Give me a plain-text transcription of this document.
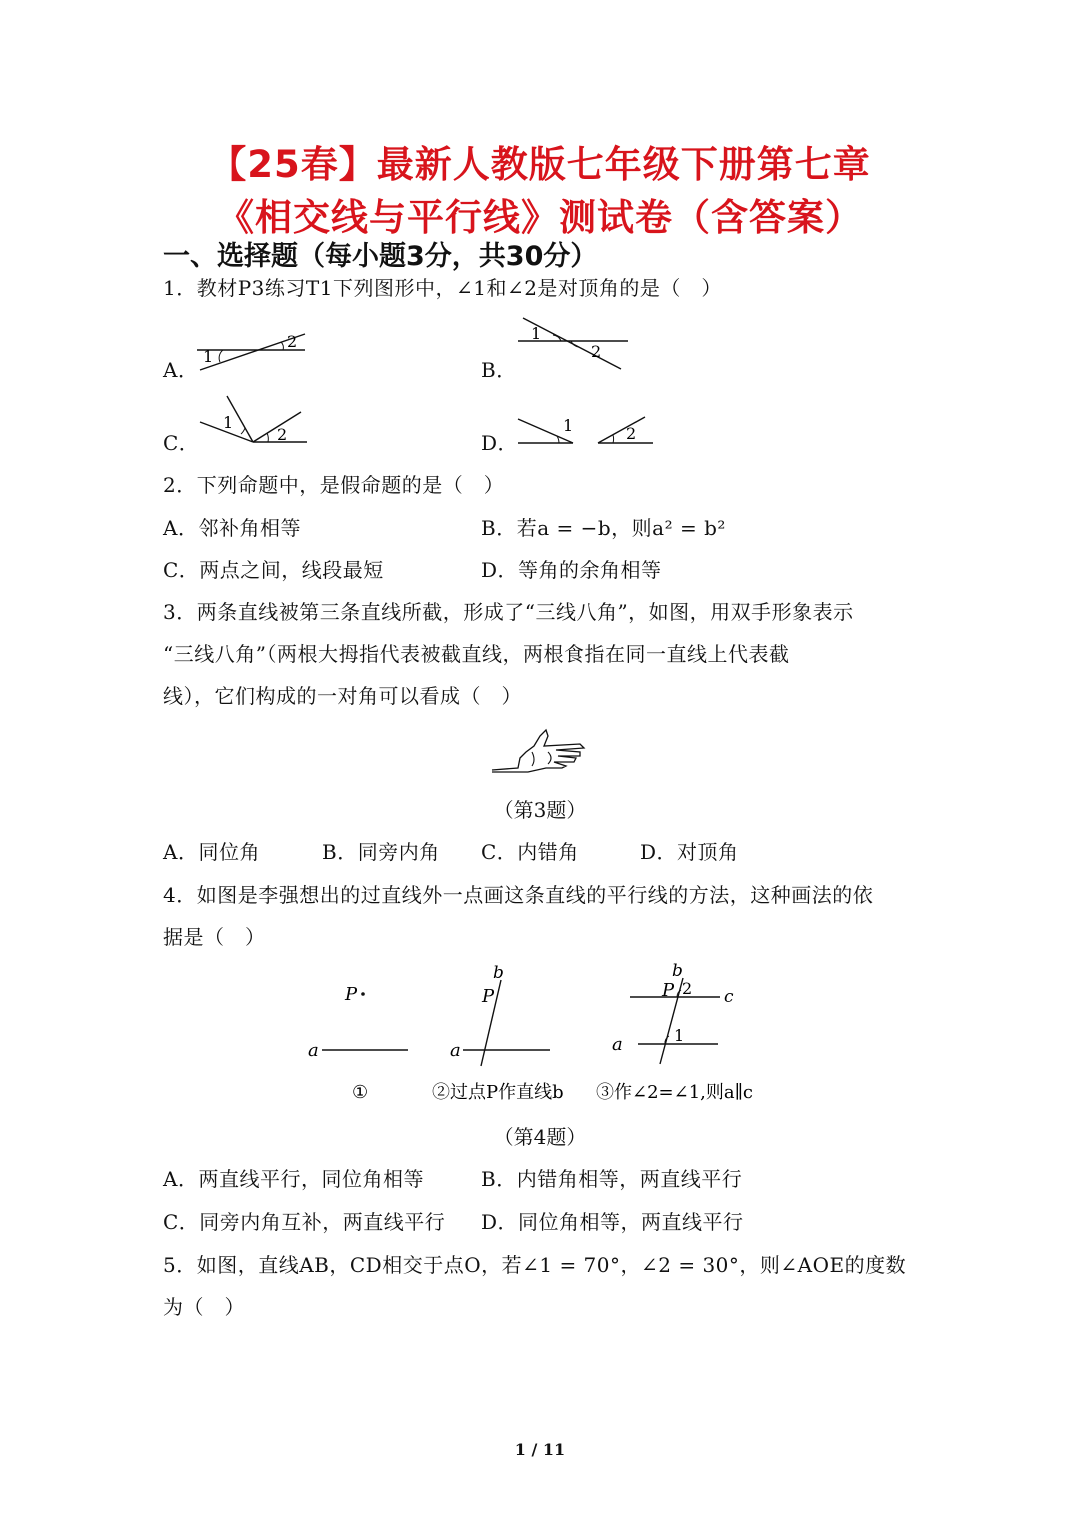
【25春】最新人教版七年级下册第七章
《相交线与平行线》测试卷（含答案）
一、选择题（每小题3分，共30分）
1．教材P3练习T1下列图形中，∠1和∠2是对顶角的是（　）
A．
1
2
B．
1
2
C．
1
2	D．
1	2
2．下列命题中，是假命题的是（　）
A．邻补角相等	B．若a = −b，则a² = b²
C．两点之间，线段最短	D．等角的余角相等
3．两条直线被第三条直线所截，形成了“三线八角”，如图，用双手形象表示
“三线八角”（两根大拇指代表被截直线，两根食指在同一直线上代表截
线），它们构成的一对角可以看成（　）
（第3题）
A．同位角	B．同旁内角 C．内错角	D．对顶角
4．如图是李强想出的过直线外一点画这条直线的平行线的方法，这种画法的依
据是（　）
P
a
①
b
P
a
②过点P作直线b
b
P 2 c
a	1
③作∠2=∠1,则a∥c
（第4题）
A．两直线平行，同位角相等	B．内错角相等，两直线平行
C．同旁内角互补，两直线平行 D．同位角相等，两直线平行
5．如图，直线AB，CD相交于点O，若∠1 = 70°，∠2 = 30°，则∠AOE的度数
为（　）
1 / 11
